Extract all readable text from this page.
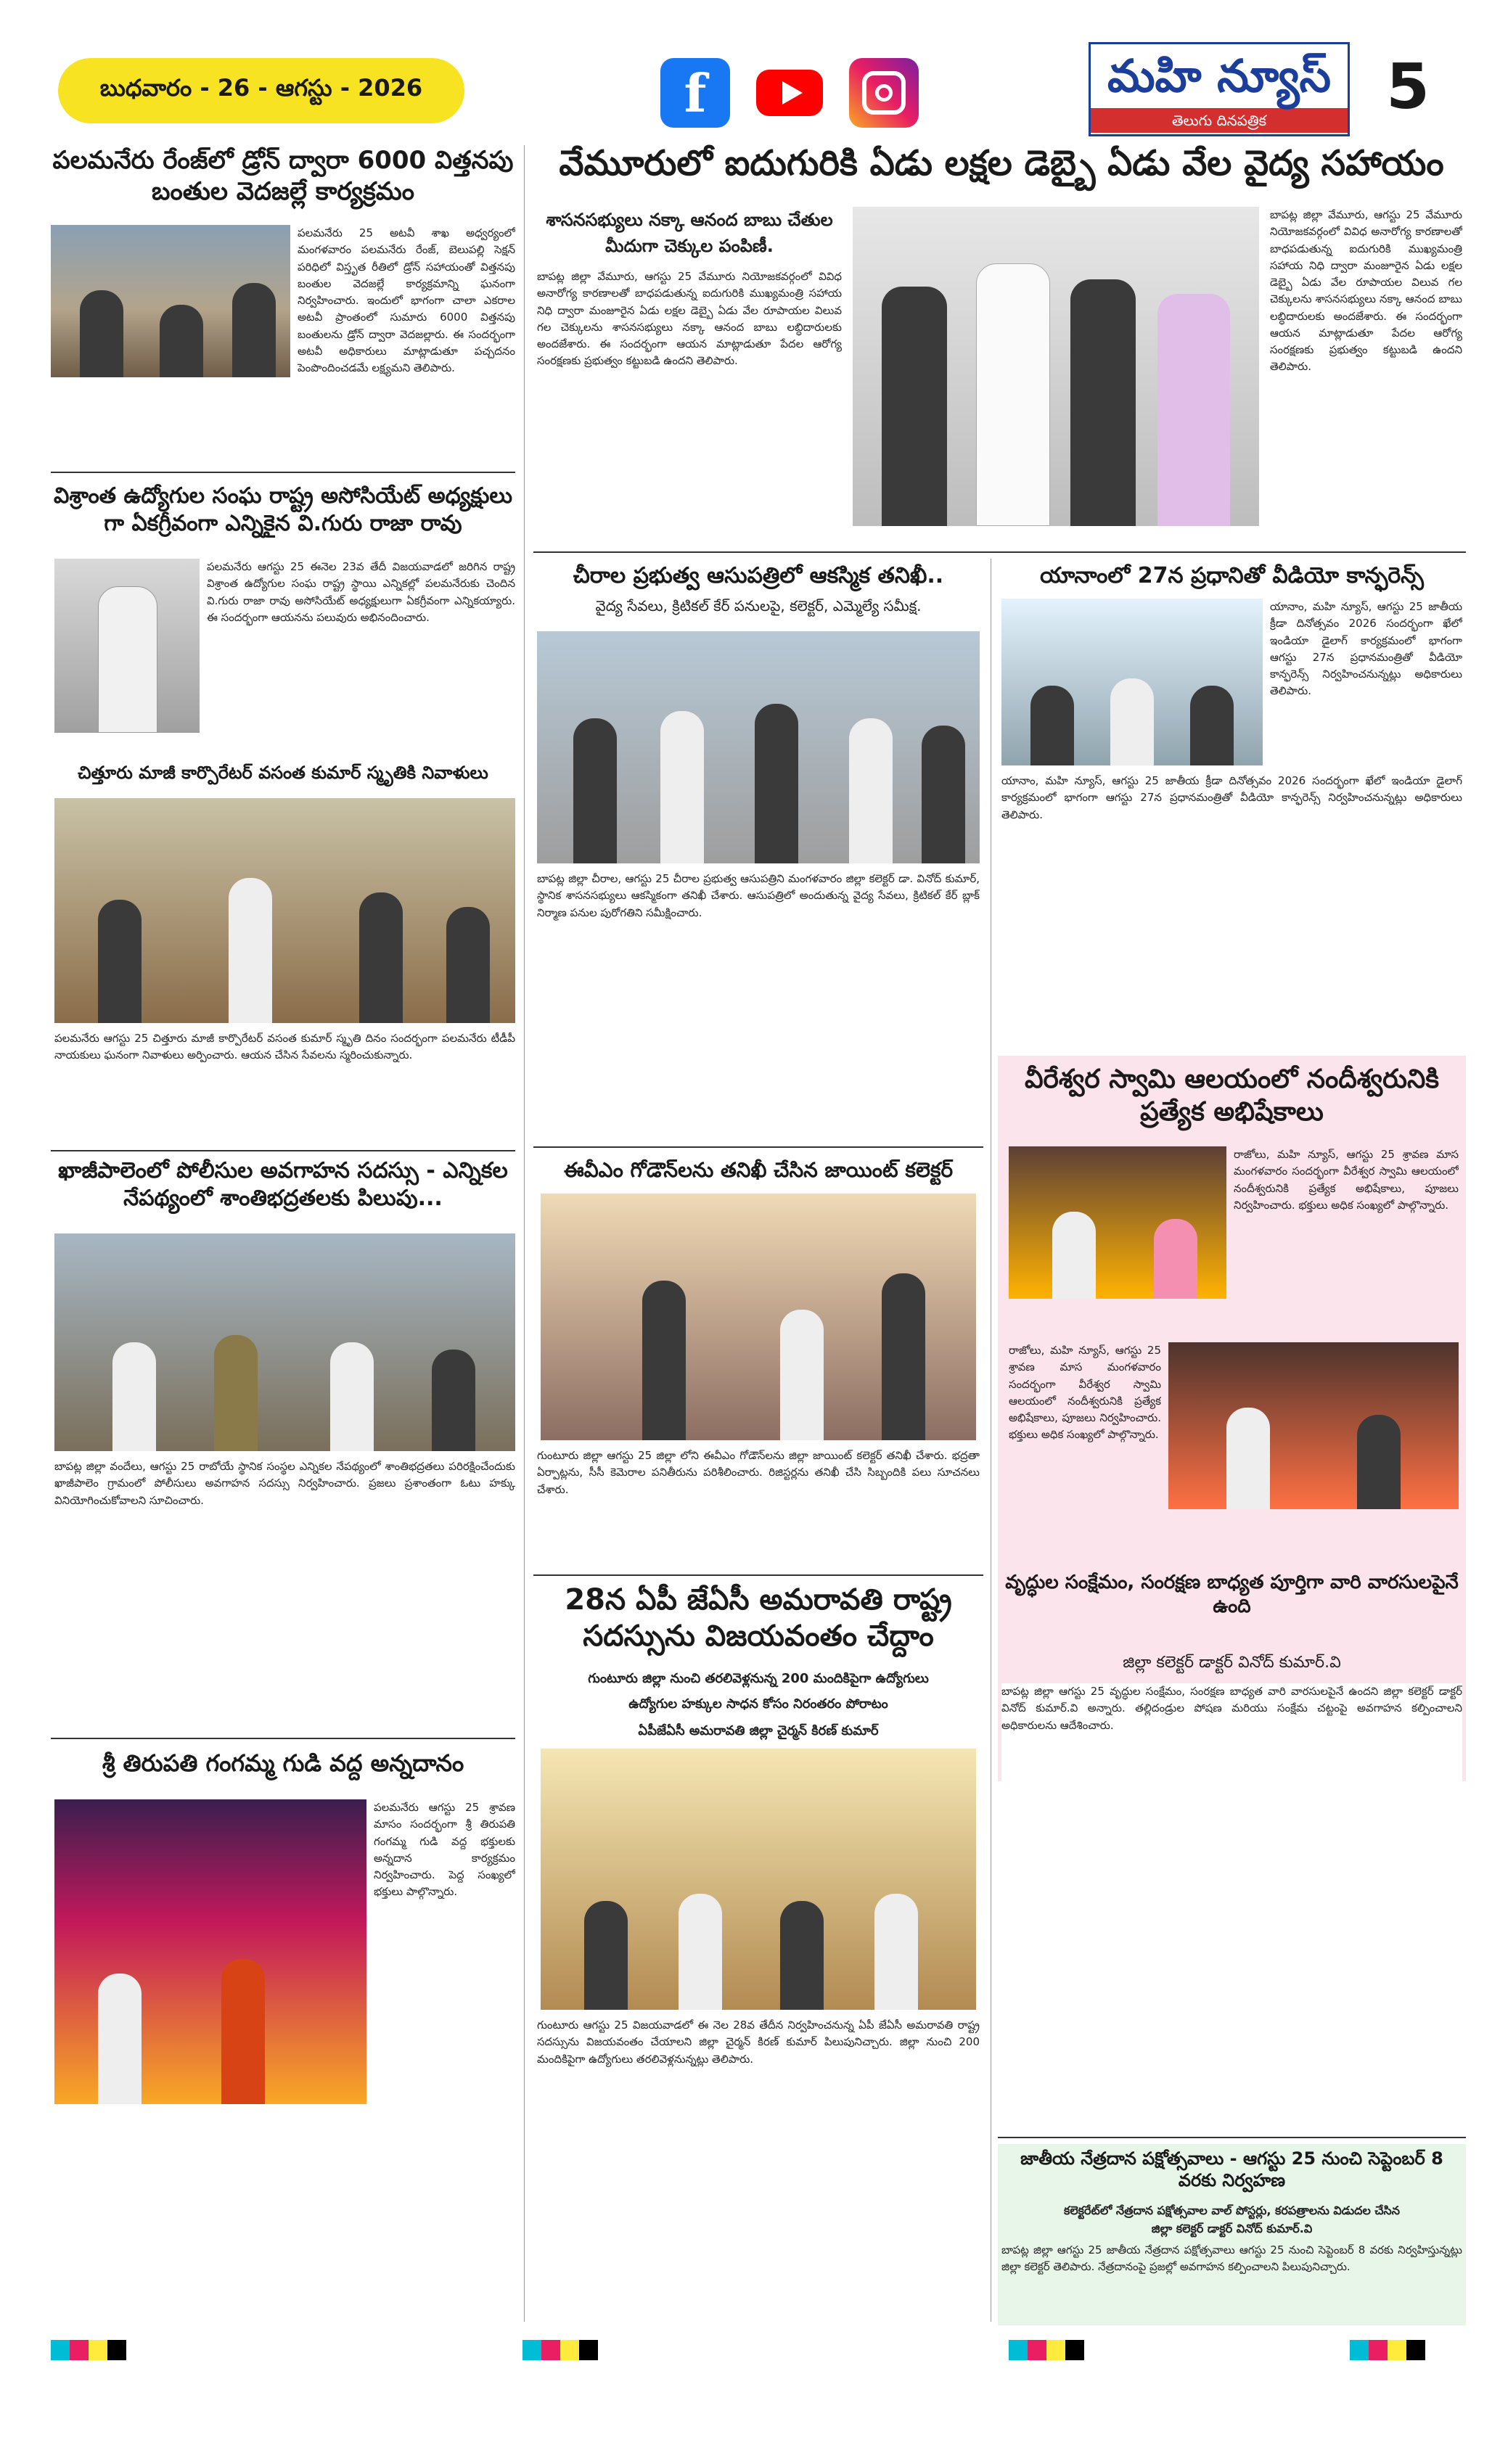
బుధవారం - 26 - ఆగస్టు - 2026	f	మహి న్యూస్
తెలుగు దినపత్రిక	5
పలమనేరు రేంజ్‌లో డ్రోన్ ద్వారా 6000 విత్తనపు బంతుల వెదజల్లే కార్యక్రమం
పలమనేరు 25 అటవీ శాఖ అధ్వర్యంలో మంగళవారం పలమనేరు రేంజ్, బెలుపల్లి సెక్షన్ పరిధిలో విస్తృత రీతిలో డ్రోన్ సహాయంతో విత్తనపు బంతుల వెదజల్లే కార్యక్రమాన్ని ఘనంగా నిర్వహించారు. ఇందులో భాగంగా చాలా ఎకరాల అటవీ ప్రాంతంలో సుమారు 6000 విత్తనపు బంతులను డ్రోన్ ద్వారా వెదజల్లారు. ఈ సందర్భంగా అటవీ అధికారులు మాట్లాడుతూ పచ్చదనం పెంపొందించడమే లక్ష్యమని తెలిపారు.
విశ్రాంత ఉద్యోగుల సంఘ రాష్ట్ర అసోసియేట్ అధ్యక్షులు గా ఏకగ్రీవంగా ఎన్నికైన వి.గురు రాజా రావు
పలమనేరు ఆగస్టు 25 ఈనెల 23వ తేదీ విజయవాడలో జరిగిన రాష్ట్ర విశ్రాంత ఉద్యోగుల సంఘ రాష్ట్ర స్థాయి ఎన్నికల్లో పలమనేరుకు చెందిన వి.గురు రాజా రావు అసోసియేట్ అధ్యక్షులుగా ఏకగ్రీవంగా ఎన్నికయ్యారు. ఈ సందర్భంగా ఆయనను పలువురు అభినందించారు.
చిత్తూరు మాజీ కార్పొరేటర్ వసంత కుమార్ స్మృతికి నివాళులు
పలమనేరు ఆగస్టు 25 చిత్తూరు మాజీ కార్పొరేటర్ వసంత కుమార్ స్మృతి దినం సందర్భంగా పలమనేరు టీడీపీ నాయకులు ఘనంగా నివాళులు అర్పించారు. ఆయన చేసిన సేవలను స్మరించుకున్నారు.
ఖాజీపాలెంలో పోలీసుల అవగాహన సదస్సు - ఎన్నికల నేపథ్యంలో శాంతిభద్రతలకు పిలుపు...
బాపట్ల జిల్లా వందేలు, ఆగస్టు 25 రాబోయే స్థానిక సంస్థల ఎన్నికల నేపథ్యంలో శాంతిభద్రతలు పరిరక్షించేందుకు ఖాజీపాలెం గ్రామంలో పోలీసులు అవగాహన సదస్సు నిర్వహించారు. ప్రజలు ప్రశాంతంగా ఓటు హక్కు వినియోగించుకోవాలని సూచించారు.
శ్రీ తిరుపతి గంగమ్మ గుడి వద్ద అన్నదానం
పలమనేరు ఆగస్టు 25 శ్రావణ మాసం సందర్భంగా శ్రీ తిరుపతి గంగమ్మ గుడి వద్ద భక్తులకు అన్నదాన కార్యక్రమం నిర్వహించారు. పెద్ద సంఖ్యలో భక్తులు పాల్గొన్నారు.
వేమూరులో ఐదుగురికి ఏడు లక్షల డెబ్బై ఏడు వేల వైద్య సహాయం
శాసనసభ్యులు నక్కా ఆనంద బాబు చేతుల మీదుగా చెక్కుల పంపిణీ.
బాపట్ల జిల్లా వేమూరు, ఆగస్టు 25 వేమూరు నియోజకవర్గంలో వివిధ అనారోగ్య కారణాలతో బాధపడుతున్న ఐదుగురికి ముఖ్యమంత్రి సహాయ నిధి ద్వారా మంజూరైన ఏడు లక్షల డెబ్బై ఏడు వేల రూపాయల విలువ గల చెక్కులను శాసనసభ్యులు నక్కా ఆనంద బాబు లబ్ధిదారులకు అందజేశారు. ఈ సందర్భంగా ఆయన మాట్లాడుతూ పేదల ఆరోగ్య సంరక్షణకు ప్రభుత్వం కట్టుబడి ఉందని తెలిపారు.
బాపట్ల జిల్లా వేమూరు, ఆగస్టు 25 వేమూరు నియోజకవర్గంలో వివిధ అనారోగ్య కారణాలతో బాధపడుతున్న ఐదుగురికి ముఖ్యమంత్రి సహాయ నిధి ద్వారా మంజూరైన ఏడు లక్షల డెబ్బై ఏడు వేల రూపాయల విలువ గల చెక్కులను శాసనసభ్యులు నక్కా ఆనంద బాబు లబ్ధిదారులకు అందజేశారు. ఈ సందర్భంగా ఆయన మాట్లాడుతూ పేదల ఆరోగ్య సంరక్షణకు ప్రభుత్వం కట్టుబడి ఉందని తెలిపారు.
చీరాల ప్రభుత్వ ఆసుపత్రిలో ఆకస్మిక తనిఖీ..
వైద్య సేవలు, క్రిటికల్ కేర్ పనులపై, కలెక్టర్, ఎమ్మెల్యే సమీక్ష.
బాపట్ల జిల్లా చీరాల, ఆగస్టు 25 చీరాల ప్రభుత్వ ఆసుపత్రిని మంగళవారం జిల్లా కలెక్టర్ డా. వినోద్ కుమార్, స్థానిక శాసనసభ్యులు ఆకస్మికంగా తనిఖీ చేశారు. ఆసుపత్రిలో అందుతున్న వైద్య సేవలు, క్రిటికల్ కేర్ బ్లాక్ నిర్మాణ పనుల పురోగతిని సమీక్షించారు.
ఈవీఎం గోడౌన్‌లను తనిఖీ చేసిన జాయింట్ కలెక్టర్
గుంటూరు జిల్లా ఆగస్టు 25 జిల్లా లోని ఈవీఎం గోడౌన్‌లను జిల్లా జాయింట్ కలెక్టర్ తనిఖీ చేశారు. భద్రతా ఏర్పాట్లను, సీసీ కెమెరాల పనితీరును పరిశీలించారు. రిజిస్టర్లను తనిఖీ చేసి సిబ్బందికి పలు సూచనలు చేశారు.
28న ఏపీ జేఏసీ అమరావతి రాష్ట్ర సదస్సును విజయవంతం చేద్దాం
గుంటూరు జిల్లా నుంచి తరలివెళ్లనున్న 200 మందికిపైగా ఉద్యోగులు
ఉద్యోగుల హక్కుల సాధన కోసం నిరంతరం పోరాటం
ఏపీజేఏసీ అమరావతి జిల్లా చైర్మన్ కిరణ్ కుమార్
గుంటూరు ఆగస్టు 25 విజయవాడలో ఈ నెల 28వ తేదీన నిర్వహించనున్న ఏపీ జేఏసీ అమరావతి రాష్ట్ర సదస్సును విజయవంతం చేయాలని జిల్లా చైర్మన్ కిరణ్ కుమార్ పిలుపునిచ్చారు. జిల్లా నుంచి 200 మందికిపైగా ఉద్యోగులు తరలివెళ్లనున్నట్లు తెలిపారు.
యానాంలో 27న ప్రధానితో వీడియో కాన్ఫరెన్స్
యానాం, మహి న్యూస్, ఆగస్టు 25 జాతీయ క్రీడా దినోత్సవం 2026 సందర్భంగా ఖేలో ఇండియా డైలాగ్ కార్యక్రమంలో భాగంగా ఆగస్టు 27న ప్రధానమంత్రితో వీడియో కాన్ఫరెన్స్ నిర్వహించనున్నట్లు అధికారులు తెలిపారు.
యానాం, మహి న్యూస్, ఆగస్టు 25 జాతీయ క్రీడా దినోత్సవం 2026 సందర్భంగా ఖేలో ఇండియా డైలాగ్ కార్యక్రమంలో భాగంగా ఆగస్టు 27న ప్రధానమంత్రితో వీడియో కాన్ఫరెన్స్ నిర్వహించనున్నట్లు అధికారులు తెలిపారు.
వీరేశ్వర స్వామి ఆలయంలో నందీశ్వరునికి ప్రత్యేక అభిషేకాలు
రాజోలు, మహి న్యూస్, ఆగస్టు 25 శ్రావణ మాస మంగళవారం సందర్భంగా వీరేశ్వర స్వామి ఆలయంలో నందీశ్వరునికి ప్రత్యేక అభిషేకాలు, పూజలు నిర్వహించారు. భక్తులు అధిక సంఖ్యలో పాల్గొన్నారు.
రాజోలు, మహి న్యూస్, ఆగస్టు 25 శ్రావణ మాస మంగళవారం సందర్భంగా వీరేశ్వర స్వామి ఆలయంలో నందీశ్వరునికి ప్రత్యేక అభిషేకాలు, పూజలు నిర్వహించారు. భక్తులు అధిక సంఖ్యలో పాల్గొన్నారు.
వృద్ధుల సంక్షేమం, సంరక్షణ బాధ్యత పూర్తిగా వారి వారసులపైనే ఉంది
జిల్లా కలెక్టర్ డాక్టర్ వినోద్ కుమార్.వి
బాపట్ల జిల్లా ఆగస్టు 25 వృద్ధుల సంక్షేమం, సంరక్షణ బాధ్యత వారి వారసులపైనే ఉందని జిల్లా కలెక్టర్ డాక్టర్ వినోద్ కుమార్.వి అన్నారు. తల్లిదండ్రుల పోషణ మరియు సంక్షేమ చట్టంపై అవగాహన కల్పించాలని అధికారులను ఆదేశించారు.
జాతీయ నేత్రదాన పక్షోత్సవాలు - ఆగస్టు 25 నుంచి సెప్టెంబర్ 8 వరకు నిర్వహణ
కలెక్టరేట్‌లో నేత్రదాన పక్షోత్సవాల వాల్ పోస్టర్లు, కరపత్రాలను విడుదల చేసిన
జిల్లా కలెక్టర్ డాక్టర్ వినోద్ కుమార్.వి
బాపట్ల జిల్లా ఆగస్టు 25 జాతీయ నేత్రదాన పక్షోత్సవాలు ఆగస్టు 25 నుంచి సెప్టెంబర్ 8 వరకు నిర్వహిస్తున్నట్లు జిల్లా కలెక్టర్ తెలిపారు. నేత్రదానంపై ప్రజల్లో అవగాహన కల్పించాలని పిలుపునిచ్చారు.
